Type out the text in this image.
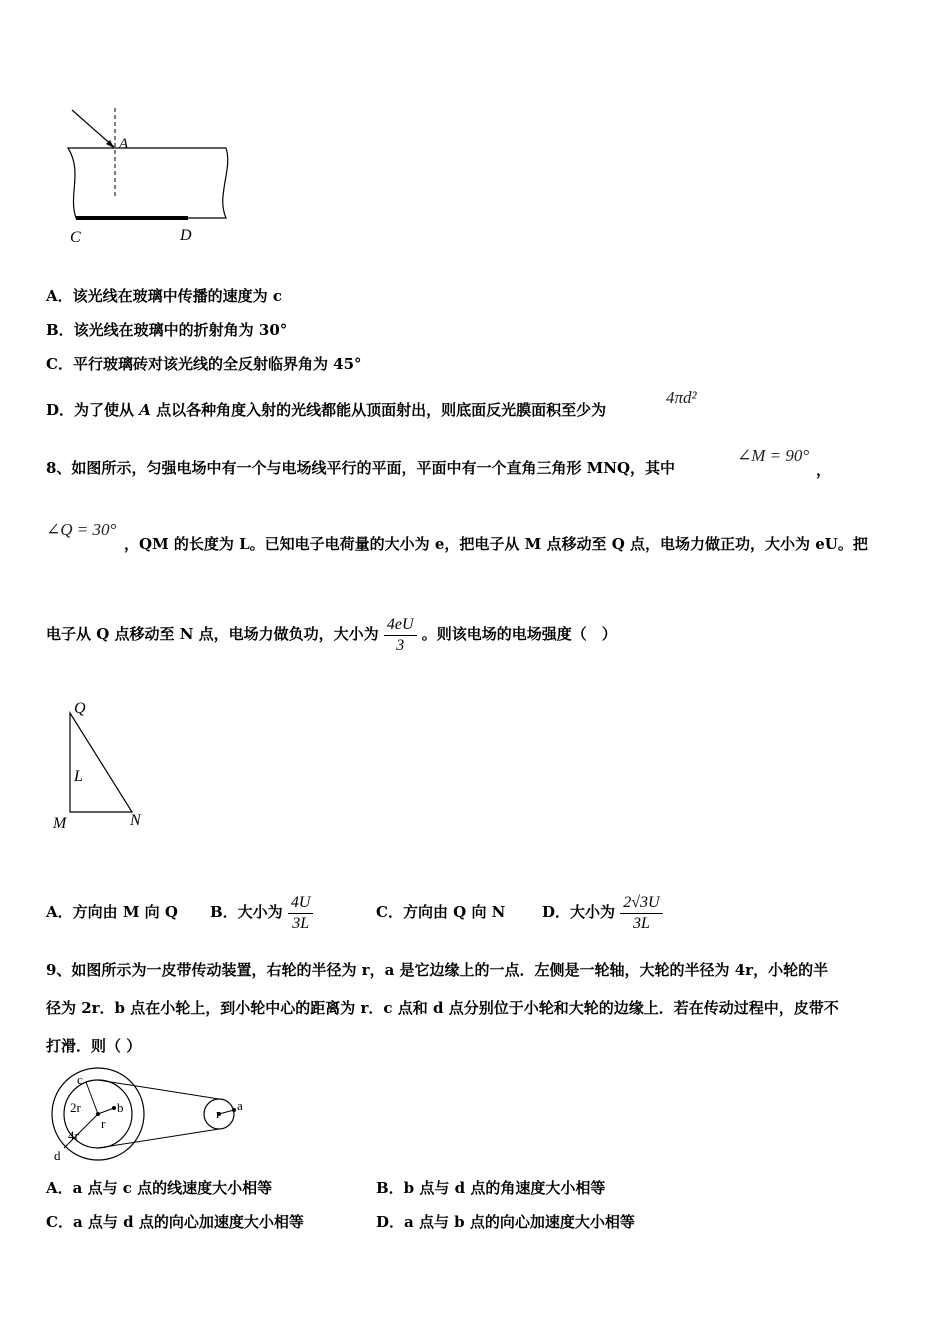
A
C	D
A．该光线在玻璃中传播的速度为 c
B．该光线在玻璃中的折射角为 30°
C．平行玻璃砖对该光线的全反射临界角为 45°
D．为了使从 A 点以各种角度入射的光线都能从顶面射出，则底面反光膜面积至少为
4πd²
8、如图所示，匀强电场中有一个与电场线平行的平面，平面中有一个直角三角形 MNQ，其中
∠M = 90°
，
∠Q = 30°
，QM 的长度为 L。已知电子电荷量的大小为 e，把电子从 M 点移动至 Q 点，电场力做正功，大小为 eU。把
电子从 Q 点移动至 N 点，电场力做负功，大小为 $\frac{4eU}{3}$ 。则该电场的电场强度（　）
Q
L
M	N
A．方向由 M 向 Q B．大小为 $\frac{4U}{3L}$	C．方向由 Q 向 N D．大小为 $\frac{2√3U}{3L}$
9、如图所示为一皮带传动装置，右轮的半径为 r，a 是它边缘上的一点．左侧是一轮轴，大轮的半径为 4r，小轮的半
径为 2r．b 点在小轮上，到小轮中心的距离为 r．c 点和 d 点分别位于小轮和大轮的边缘上．若在传动过程中，皮带不
打滑．则（ ）
c
2r	b
r
4r
d
r
a
A．a 点与 c 点的线速度大小相等	B．b 点与 d 点的角速度大小相等
C．a 点与 d 点的向心加速度大小相等	D．a 点与 b 点的向心加速度大小相等
